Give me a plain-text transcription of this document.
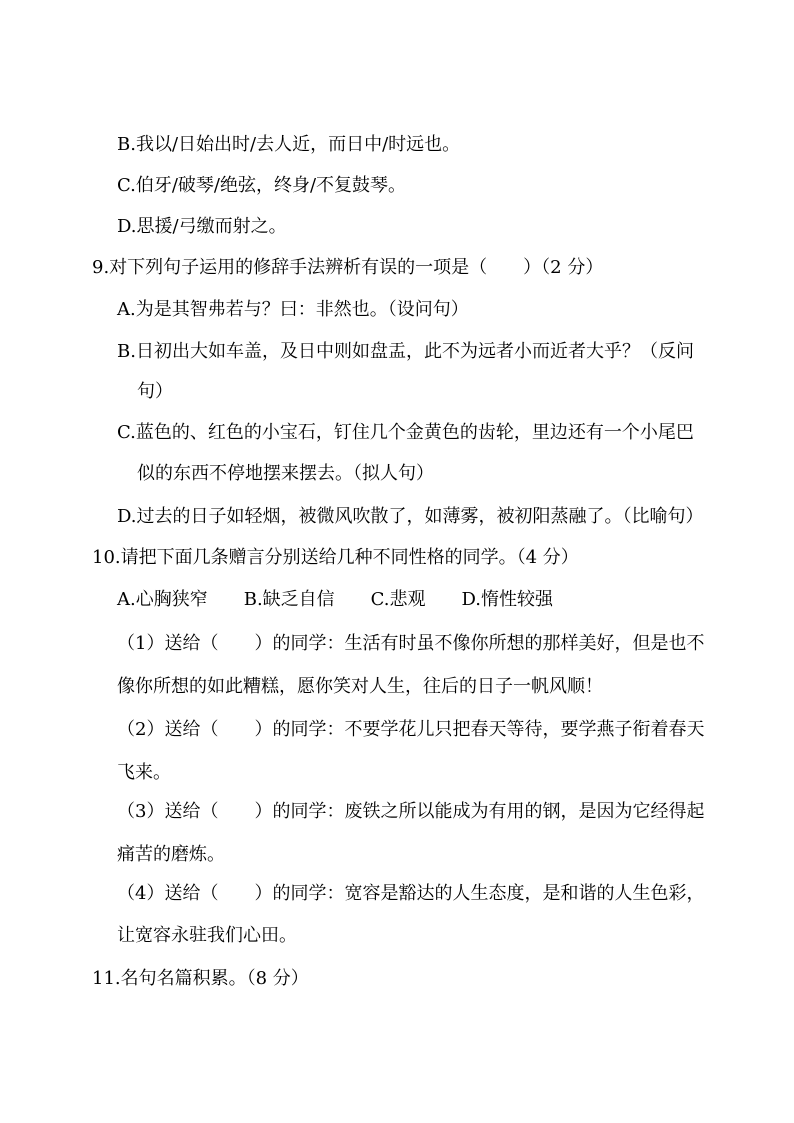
B.我以/日始出时/去人近，而日中/时远也。
C.伯牙/破琴/绝弦，终身/不复鼓琴。
D.思援/弓缴而射之。
9.对下列句子运用的修辞手法辨析有误的一项是（　　）（2 分）
A.为是其智弗若与？曰：非然也。（设问句）
B.日初出大如车盖，及日中则如盘盂，此不为远者小而近者大乎？（反问
句）
C.蓝色的、红色的小宝石，钉住几个金黄色的齿轮，里边还有一个小尾巴
似的东西不停地摆来摆去。（拟人句）
D.过去的日子如轻烟，被微风吹散了，如薄雾，被初阳蒸融了。（比喻句）
10.请把下面几条赠言分别送给几种不同性格的同学。（4 分）
A.心胸狭窄　　B.缺乏自信　　C.悲观　　D.惰性较强
（1）送给（　　）的同学：生活有时虽不像你所想的那样美好，但是也不
像你所想的如此糟糕，愿你笑对人生，往后的日子一帆风顺！
（2）送给（　　）的同学：不要学花儿只把春天等待，要学燕子衔着春天
飞来。
（3）送给（　　）的同学：废铁之所以能成为有用的钢，是因为它经得起
痛苦的磨炼。
（4）送给（　　）的同学：宽容是豁达的人生态度，是和谐的人生色彩，
让宽容永驻我们心田。
11.名句名篇积累。（8 分）
